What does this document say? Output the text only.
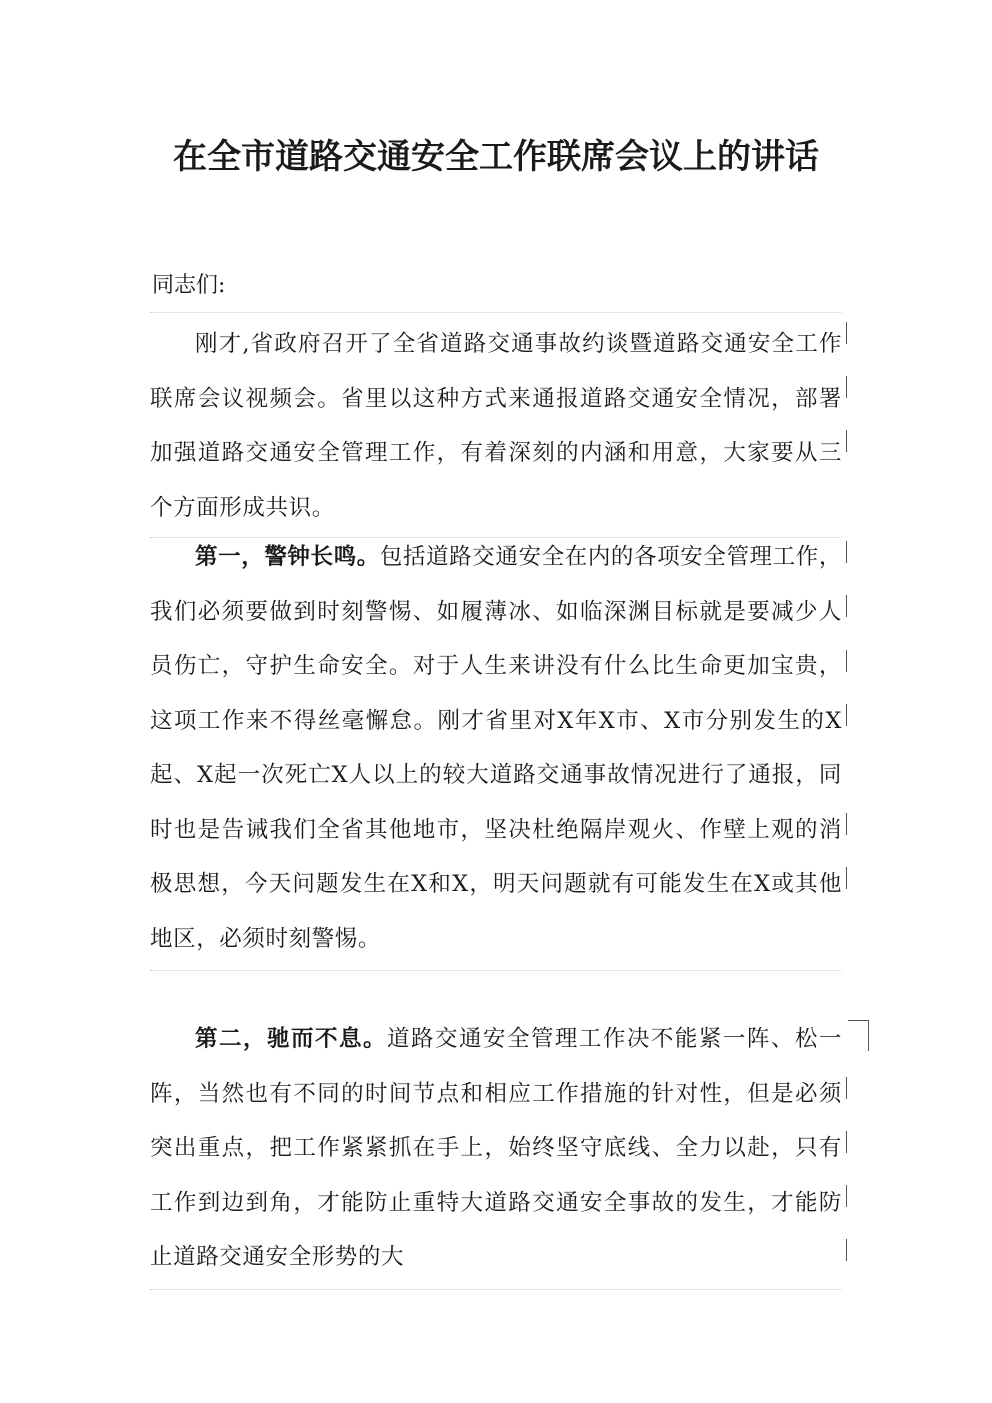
在全市道路交通安全工作联席会议上的讲话
同志们:
刚才,省政府召开了全省道路交通事故约谈暨道路交通安全工作联席会议视频会。省里以这种方式来通报道路交通安全情况，部署加强道路交通安全管理工作，有着深刻的内涵和用意，大家要从三个方面形成共识。
第一，警钟长鸣。包括道路交通安全在内的各项安全管理工作，我们必须要做到时刻警惕、如履薄冰、如临深渊目标就是要减少人员伤亡，守护生命安全。对于人生来讲没有什么比生命更加宝贵，这项工作来不得丝毫懈怠。刚才省里对X年X市、X市分别发生的X起、X起一次死亡X人以上的较大道路交通事故情况进行了通报，同时也是告诫我们全省其他地市，坚决杜绝隔岸观火、作壁上观的消极思想，今天问题发生在X和X，明天问题就有可能发生在X或其他地区，必须时刻警惕。
第二，驰而不息。道路交通安全管理工作决不能紧一阵、松一阵，当然也有不同的时间节点和相应工作措施的针对性，但是必须突出重点，把工作紧紧抓在手上，始终坚守底线、全力以赴，只有工作到边到角，才能防止重特大道路交通安全事故的发生，才能防止道路交通安全形势的大
